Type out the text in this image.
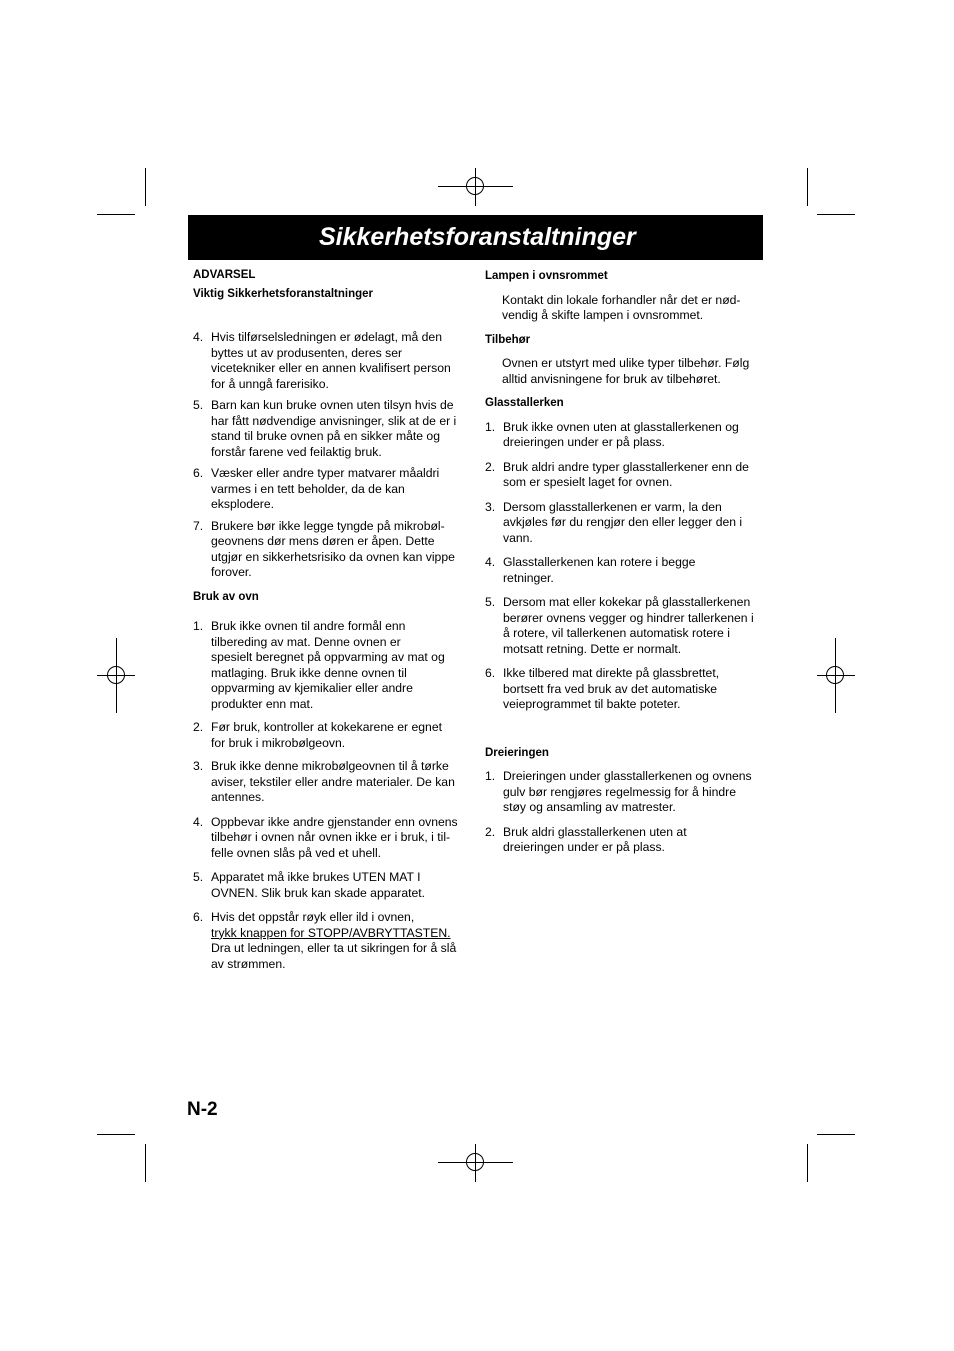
Sikkerhetsforanstaltninger
ADVARSEL
Viktig Sikkerhetsforanstaltninger
4. Hvis tilførselsledningen er ødelagt, må den
byttes ut av produsenten, deres ser
vicetekniker eller en annen kvalifisert person
for å unngå farerisiko.
5. Barn kan kun bruke ovnen uten tilsyn hvis de
har fått nødvendige anvisninger, slik at de er i
stand til bruke ovnen på en sikker måte og
forstår farene ved feilaktig bruk.
6. Væsker eller andre typer matvarer måaldri
varmes i en tett beholder, da de kan
eksplodere.
7. Brukere bør ikke legge tyngde på mikrobøl-
geovnens dør mens døren er åpen. Dette
utgjør en sikkerhetsrisiko da ovnen kan vippe
forover.
Bruk av ovn
1. Bruk ikke ovnen til andre formål enn
tilbereding av mat. Denne ovnen er
spesielt beregnet på oppvarming av mat og
matlaging. Bruk ikke denne ovnen til
oppvarming av kjemikalier eller andre
produkter enn mat.
2. Før bruk, kontroller at kokekarene er egnet
for bruk i mikrobølgeovn.
3. Bruk ikke denne mikrobølgeovnen til å tørke
aviser, tekstiler eller andre materialer. De kan
antennes.
4. Oppbevar ikke andre gjenstander enn ovnens
tilbehør i ovnen når ovnen ikke er i bruk, i til-
felle ovnen slås på ved et uhell.
5. Apparatet må ikke brukes UTEN MAT I
OVNEN. Slik bruk kan skade apparatet.
6. Hvis det oppstår røyk eller ild i ovnen,
trykk knappen for STOPP/AVBRYTTASTEN.
Dra ut ledningen, eller ta ut sikringen for å slå
av strømmen.
Lampen i ovnsrommet
Kontakt din lokale forhandler når det er nød-
vendig å skifte lampen i ovnsrommet.
Tilbehør
Ovnen er utstyrt med ulike typer tilbehør. Følg
alltid anvisningene for bruk av tilbehøret.
Glasstallerken
1. Bruk ikke ovnen uten at glasstallerkenen og
dreieringen under er på plass.
2. Bruk aldri andre typer glasstallerkener enn de
som er spesielt laget for ovnen.
3. Dersom glasstallerkenen er varm, la den
avkjøles før du rengjør den eller legger den i
vann.
4. Glasstallerkenen kan rotere i begge
retninger.
5. Dersom mat eller kokekar på glasstallerkenen
berører ovnens vegger og hindrer tallerkenen i
å rotere, vil tallerkenen automatisk rotere i
motsatt retning. Dette er normalt.
6. Ikke tilbered mat direkte på glassbrettet,
bortsett fra ved bruk av det automatiske
veieprogrammet til bakte poteter.
Dreieringen
1. Dreieringen under glasstallerkenen og ovnens
gulv bør rengjøres regelmessig for å hindre
støy og ansamling av matrester.
2. Bruk aldri glasstallerkenen uten at
dreieringen under er på plass.
N-2
